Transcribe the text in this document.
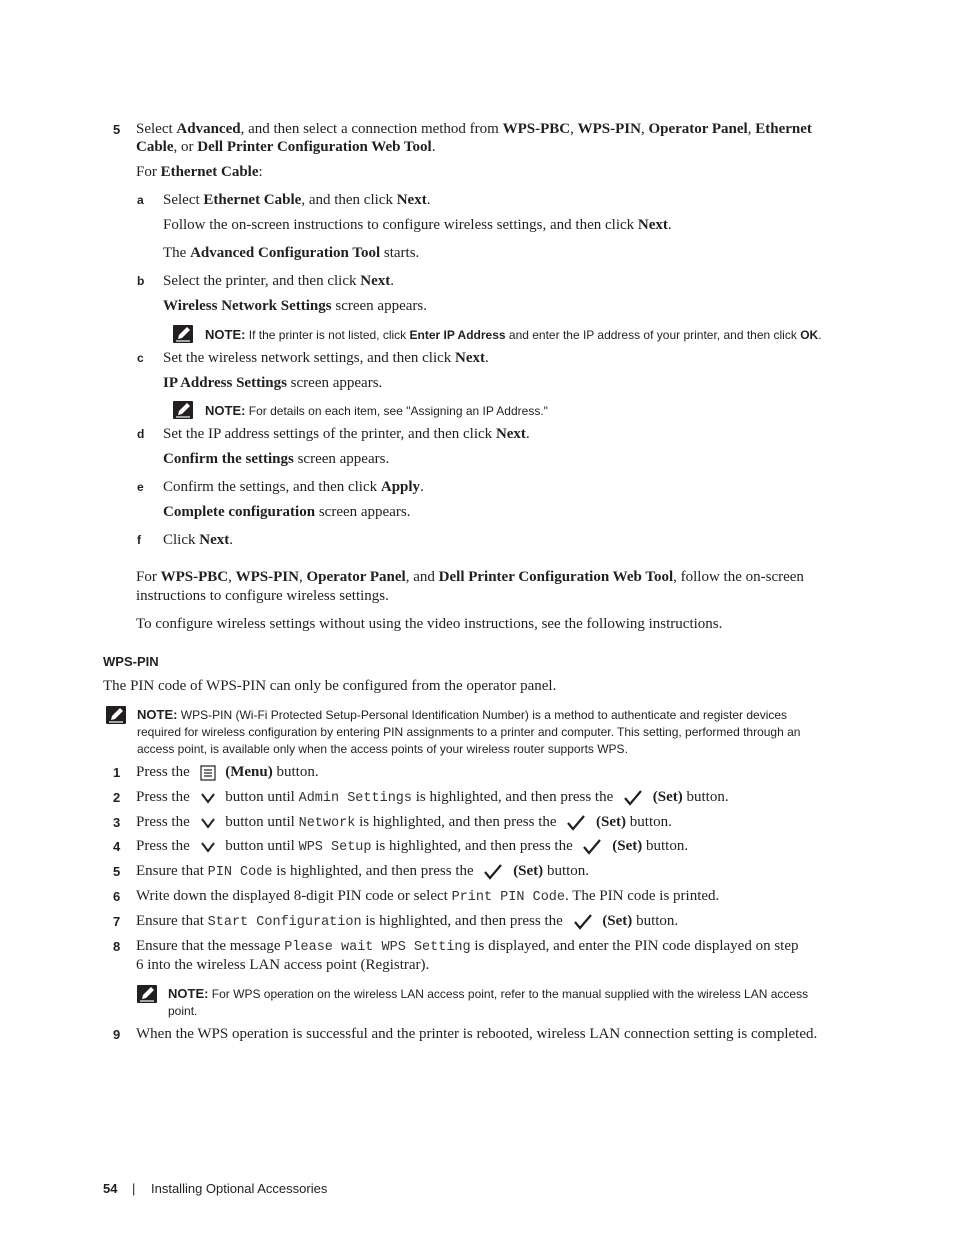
5 Select Advanced, and then select a connection method from WPS-PBC, WPS-PIN, Operator Panel, Ethernet
Cable, or Dell Printer Configuration Web Tool.
For Ethernet Cable:
a Select Ethernet Cable, and then click Next.
Follow the on-screen instructions to configure wireless settings, and then click Next.
The Advanced Configuration Tool starts.
b Select the printer, and then click Next.
Wireless Network Settings screen appears.
NOTE: If the printer is not listed, click Enter IP Address and enter the IP address of your printer, and then click OK.
c Set the wireless network settings, and then click Next.
IP Address Settings screen appears.
NOTE: For details on each item, see "Assigning an IP Address."
d Set the IP address settings of the printer, and then click Next.
Confirm the settings screen appears.
e Confirm the settings, and then click Apply.
Complete configuration screen appears.
f Click Next.
For WPS-PBC, WPS-PIN, Operator Panel, and Dell Printer Configuration Web Tool, follow the on-screen
instructions to configure wireless settings.
To configure wireless settings without using the video instructions, see the following instructions.
WPS-PIN
The PIN code of WPS-PIN can only be configured from the operator panel.
NOTE: WPS-PIN (Wi-Fi Protected Setup-Personal Identification Number) is a method to authenticate and register devices
required for wireless configuration by entering PIN assignments to a printer and computer. This setting, performed through an
access point, is available only when the access points of your wireless router supports WPS.
1 Press the (Menu) button.
2 Press the button until Admin Settings is highlighted, and then press the	(Set) button.
3 Press the button until Network is highlighted, and then press the	(Set) button.
4 Press the button until WPS Setup is highlighted, and then press the	(Set) button.
5 Ensure that PIN Code is highlighted, and then press the	(Set) button.
6 Write down the displayed 8-digit PIN code or select Print PIN Code. The PIN code is printed.
7 Ensure that Start Configuration is highlighted, and then press the	(Set) button.
8 Ensure that the message Please wait WPS Setting is displayed, and enter the PIN code displayed on step
6 into the wireless LAN access point (Registrar).
NOTE: For WPS operation on the wireless LAN access point, refer to the manual supplied with the wireless LAN access
point.
9 When the WPS operation is successful and the printer is rebooted, wireless LAN connection setting is completed.
54 | Installing Optional Accessories
